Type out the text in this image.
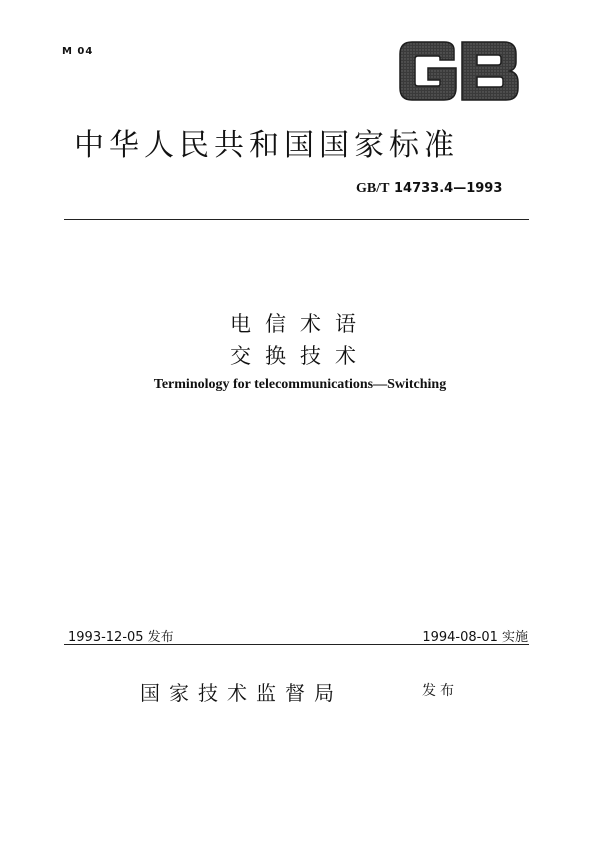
M 04
中华人民共和国国家标准
GB/T 14733.4—1993
电信术语
交换技术
Terminology for telecommunications—Switching
1993-12-05 发布	1994-08-01 实施
国家技术监督局	发布
